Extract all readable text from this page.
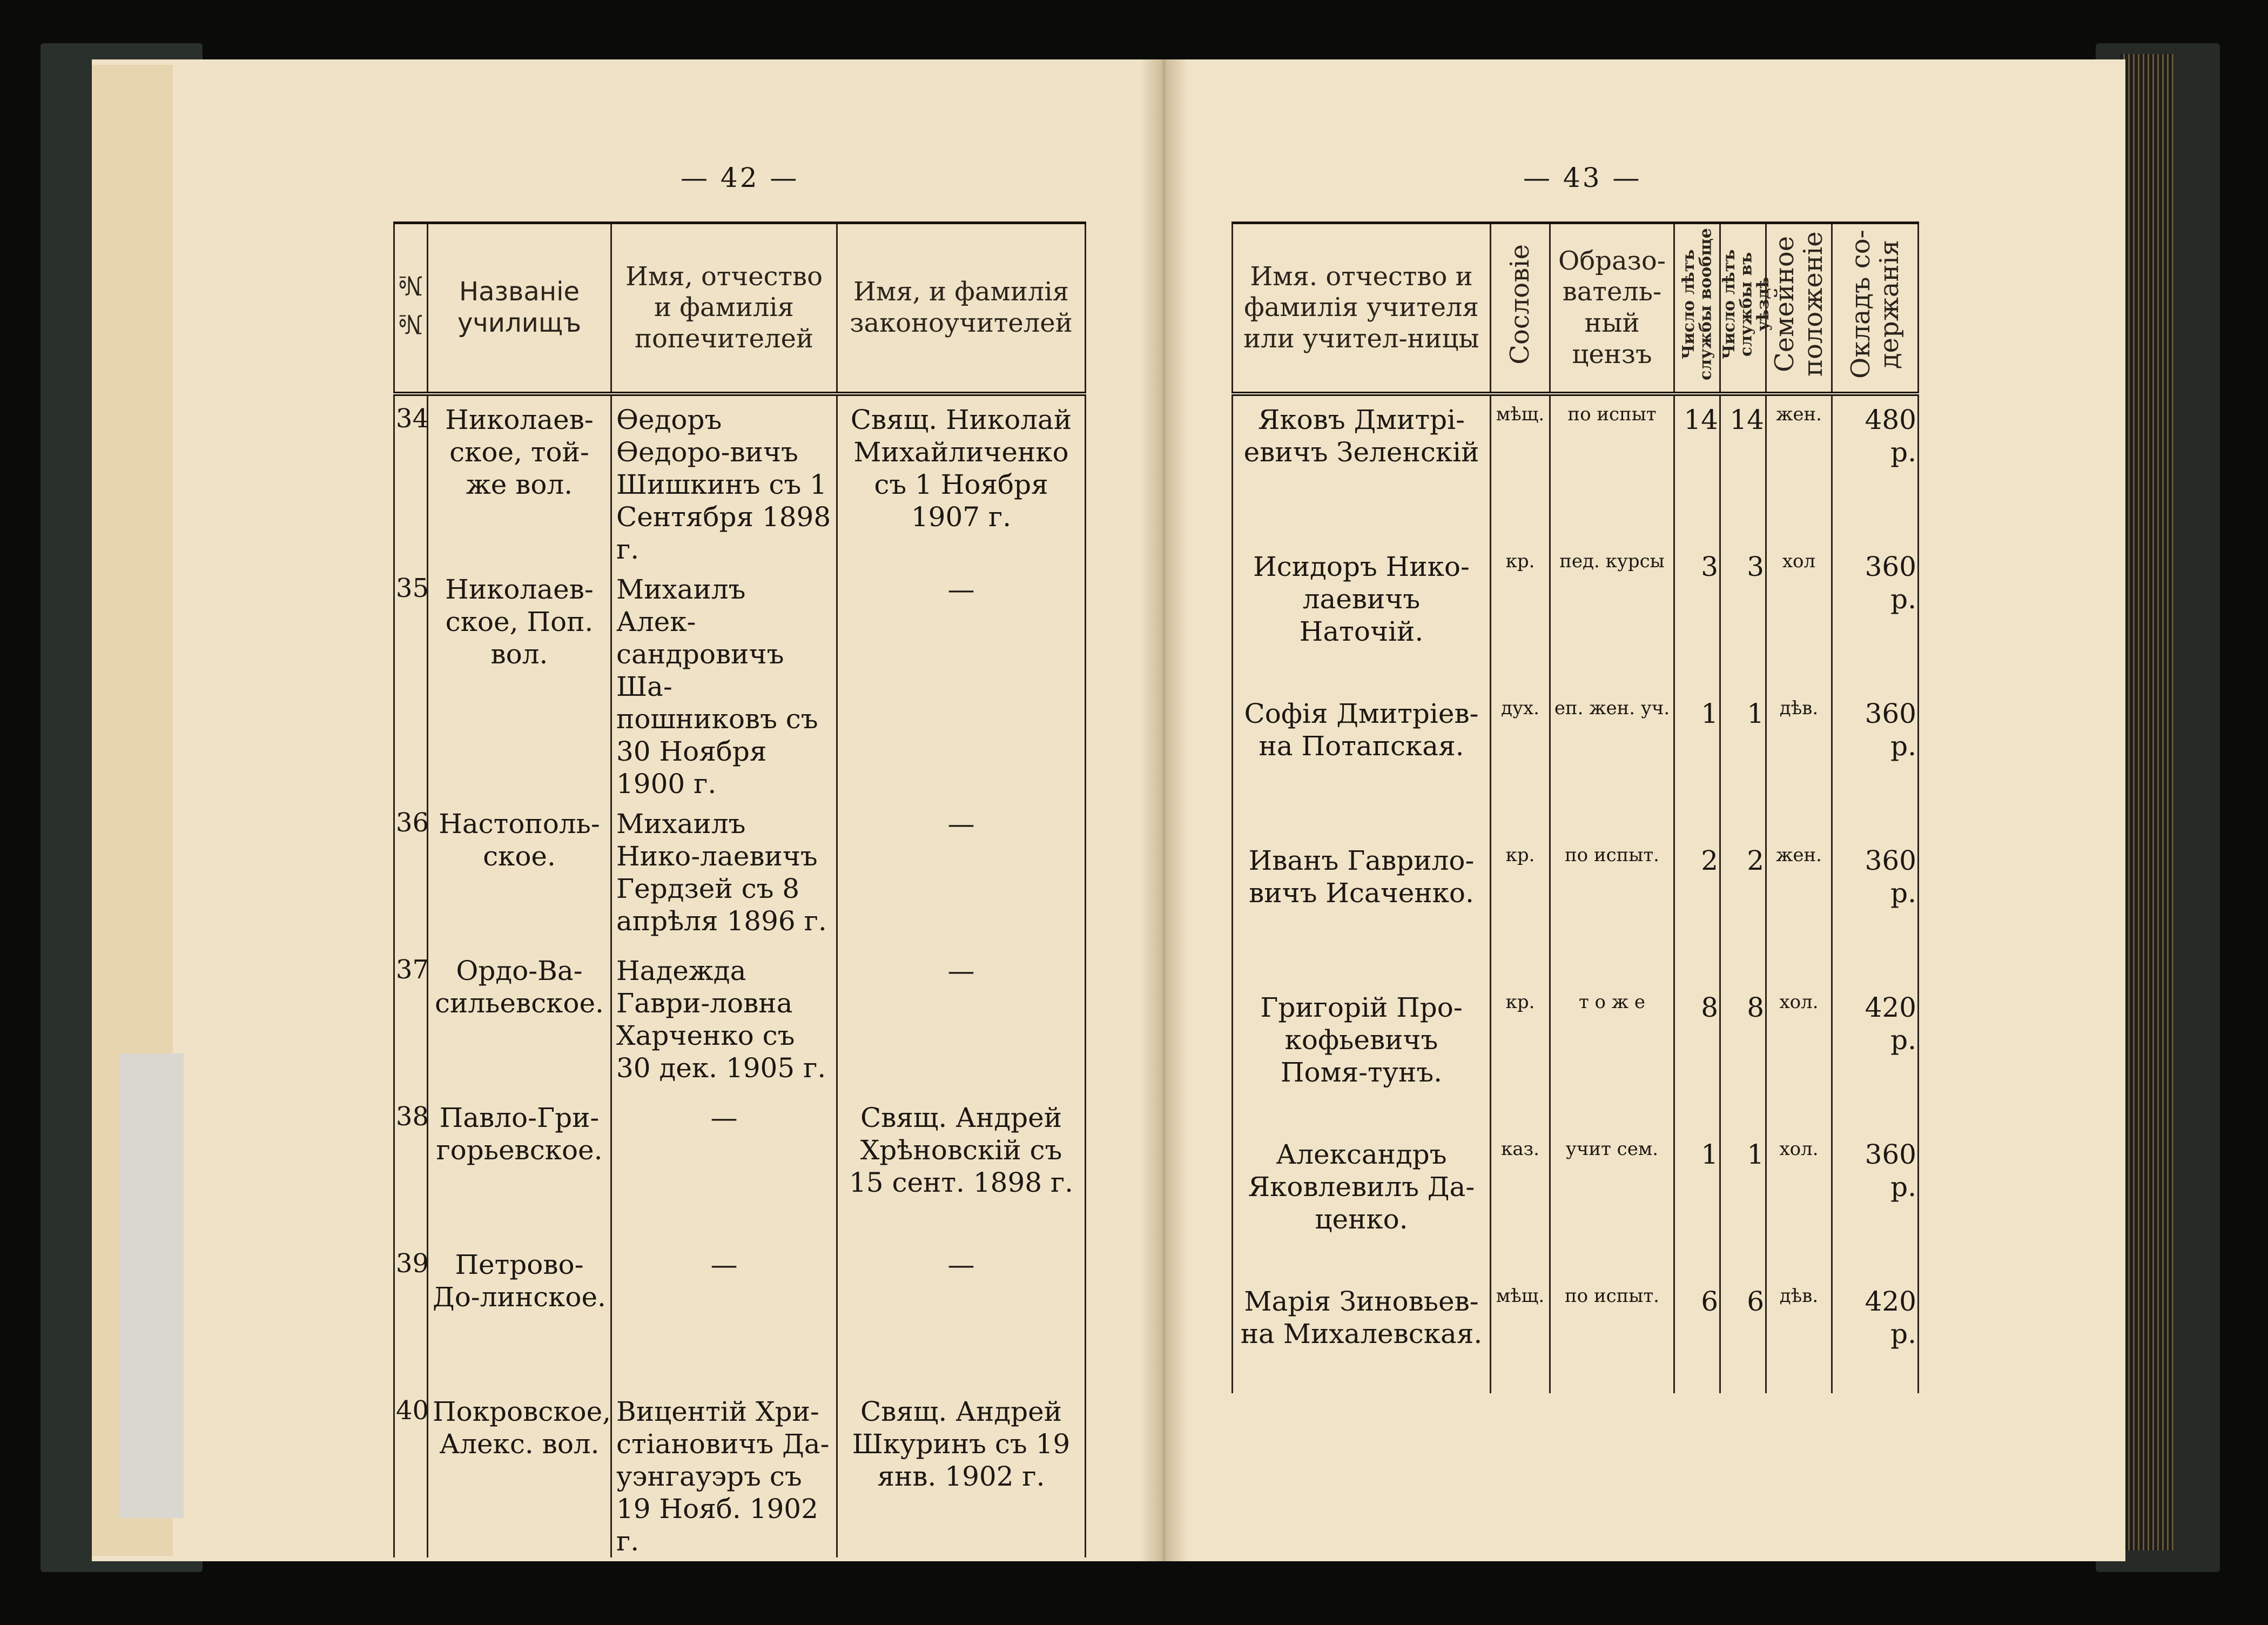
— 42 —
№ №	Названіе училищъ	Имя, отчество и фамилія попечителей	Имя, и фамилія законоучителей
34	Николаев-ское, той-же вол.	Ѳедоръ Ѳедоро-вичъ Шишкинъ съ 1 Сентября 1898 г.	Свящ. Николай Михайличенко съ 1 Ноября 1907 г.
35	Николаев-ское, Поп. вол.	Михаилъ Алек-сандровичъ Ша-пошниковъ съ 30 Ноября 1900 г.	—
36	Настополь-ское.	Михаилъ Нико-лаевичъ Гердзей съ 8 апрѣля 1896 г.	—
37	Ордо-Ва-сильевское.	Надежда Гаври-ловна Харченко съ 30 дек. 1905 г.	—
38	Павло-Гри-горьевское.	—	Свящ. Андрей Хрѣновскій съ 15 сент. 1898 г.
39	Петрово-До-линское.	—	—
40	Покровское, Алекс. вол.	Вицентій Хри-стіановичъ Да-уэнгауэръ съ 19 Нояб. 1902 г.	Свящ. Андрей Шкуринъ съ 19 янв. 1902 г.
— 43 —
Имя. отчество и фамилія учителя или учител-ницы	Сословіе	Образо-ватель-ный цензъ	Число лѣтъ службы вообще	Число лѣтъ службы въ уѣздѣ	Семейное положеніе	Окладъ со-держанія
Яковъ Дмитрі-евичъ Зеленскій	мѣщ.	по испыт	14	14	жен.	480 р.
Исидоръ Нико-лаевичъ Наточій.	кр.	пед. курсы	3	3	хол	360 р.
Софія Дмитріев-на Потапская.	дух.	еп. жен. уч.	1	1	дѣв.	360 р.
Иванъ Гаврило-вичъ Исаченко.	кр.	по испыт.	2	2	жен.	360 р.
Григорій Про-кофьевичъ Помя-тунъ.	кр.	т о ж е	8	8	хол.	420 р.
Александръ Яковлевилъ Да-ценко.	каз.	учит сем.	1	1	хол.	360 р.
Марія Зиновьев-на Михалевская.	мѣщ.	по испыт.	6	6	дѣв.	420 р.
